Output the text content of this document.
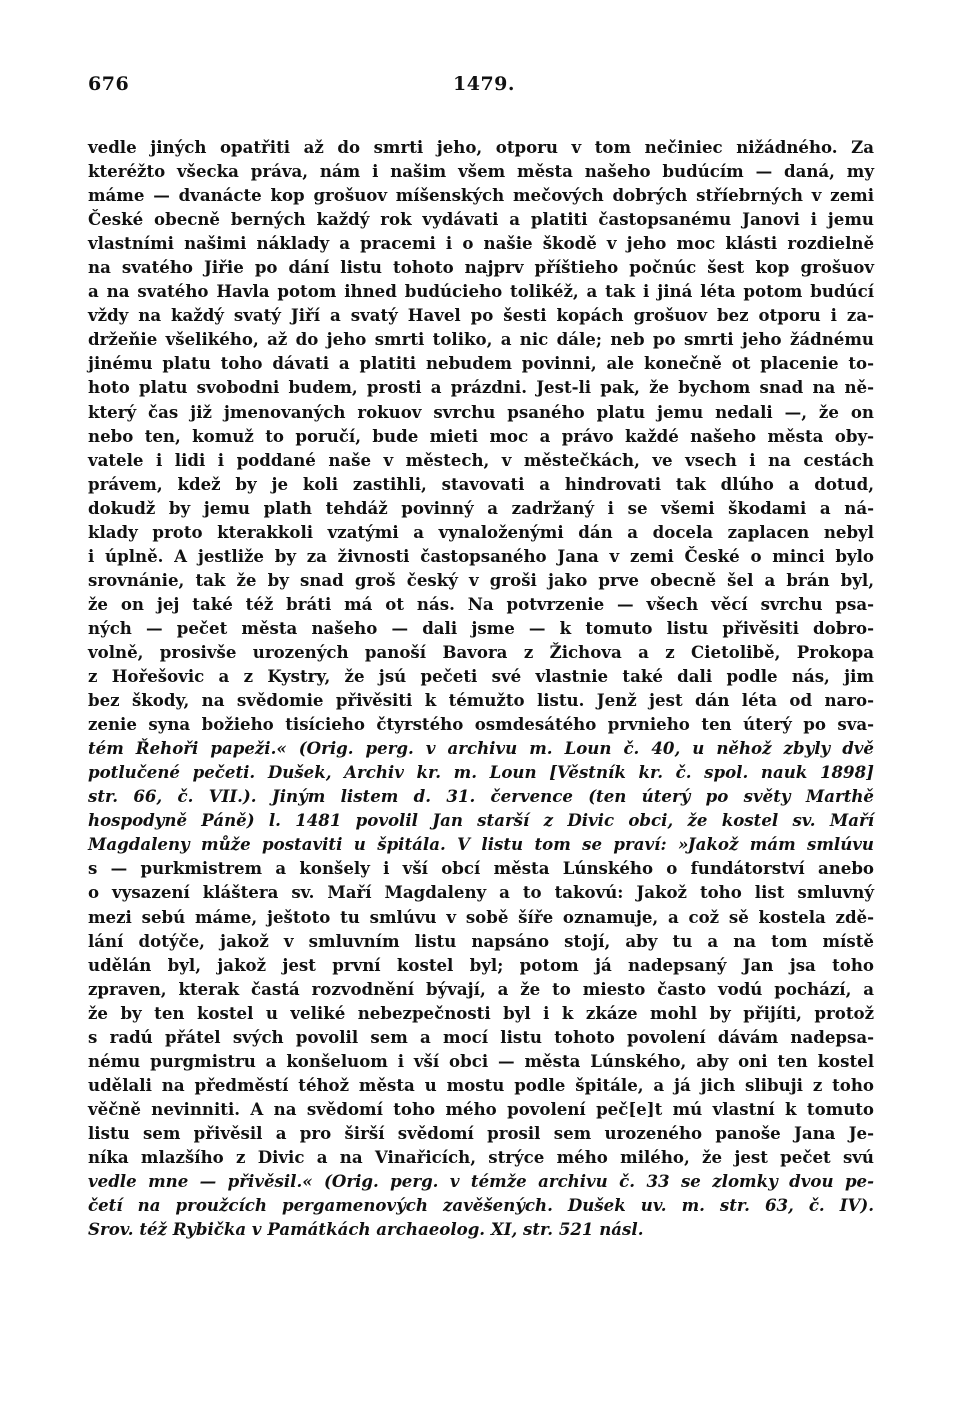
676	1479.
vedle jiných opatřiti až do smrti jeho, otporu v tom nečiniec nižádného. Za
kteréžto všecka práva, nám i našim všem města našeho budúcím — daná, my
máme — dvanácte kop grošuov míšenských mečových dobrých stříebrných v zemi
České obecně berných každý rok vydávati a platiti častopsanému Janovi i jemu
vlastními našimi náklady a pracemi i o našie škodě v jeho moc klásti rozdielně
na svatého Jiřie po dání listu tohoto najprv příštieho počnúc šest kop grošuov
a na svatého Havla potom ihned budúcieho tolikéž, a tak i jiná léta potom budúcí
vždy na každý svatý Jiří a svatý Havel po šesti kopách grošuov bez otporu i za-
držeňie všelikého, až do jeho smrti toliko, a nic dále; neb po smrti jeho žádnému
jinému platu toho dávati a platiti nebudem povinni, ale konečně ot placenie to-
hoto platu svobodni budem, prosti a prázdni. Jest-li pak, že bychom snad na ně-
který čas již jmenovaných rokuov svrchu psaného platu jemu nedali —, že on
nebo ten, komuž to poručí, bude mieti moc a právo každé našeho města oby-
vatele i lidi i poddané naše v městech, v městečkách, ve vsech i na cestách
právem, kdež by je koli zastihli, stavovati a hindrovati tak dlúho a dotud,
dokudž by jemu plath tehdáž povinný a zadržaný i se všemi škodami a ná-
klady proto kterakkoli vzatými a vynaloženými dán a docela zaplacen nebyl
i úplně. A jestliže by za živnosti častopsaného Jana v zemi České o minci bylo
srovnánie, tak že by snad groš český v groši jako prve obecně šel a brán byl,
že on jej také též bráti má ot nás. Na potvrzenie — všech věcí svrchu psa-
ných — pečet města našeho — dali jsme — k tomuto listu přivěsiti dobro-
volně, prosivše urozených panoší Bavora z Žichova a z Cietolibě, Prokopa
z Hořešovic a z Kystry, že jsú pečeti své vlastnie také dali podle nás, jim
bez škody, na svědomie přivěsiti k témužto listu. Jenž jest dán léta od naro-
zenie syna božieho tisícieho čtyrstého osmdesátého prvnieho ten úterý po sva-
tém Řehoři papeži.« (Orig. perg. v archivu m. Loun č. 40, u něhož zbyly dvě
potlučené pečeti. Dušek, Archiv kr. m. Loun [Věstník kr. č. spol. nauk 1898]
str. 66, č. VII.). Jiným listem d. 31. července (ten úterý po světy Marthě
hospodyně Páně) l. 1481 povolil Jan starší z Divic obci, že kostel sv. Maří
Magdaleny může postaviti u špitála. V listu tom se praví: »Jakož mám smlúvu
s — purkmistrem a konšely i vší obcí města Lúnského o fundátorství anebo
o vysazení kláštera sv. Maří Magdaleny a to takovú: Jakož toho list smluvný
mezi sebú máme, ještoto tu smlúvu v sobě šíře oznamuje, a což sě kostela zdě-
lání dotýče, jakož v smluvním listu napsáno stojí, aby tu a na tom místě
udělán byl, jakož jest první kostel byl; potom já nadepsaný Jan jsa toho
zpraven, kterak častá rozvodnění bývají, a že to miesto často vodú pochází, a
že by ten kostel u veliké nebezpečnosti byl i k zkáze mohl by přijíti, protož
s radú přátel svých povolil sem a mocí listu tohoto povolení dávám nadepsa-
nému purgmistru a konšeluom i vší obci — města Lúnského, aby oni ten kostel
udělali na předměstí téhož města u mostu podle špitále, a já jich slibuji z toho
věčně nevinniti. A na svědomí toho mého povolení peč[e]t mú vlastní k tomuto
listu sem přivěsil a pro širší svědomí prosil sem urozeného panoše Jana Je-
níka mlazšího z Divic a na Vinařicích, strýce mého milého, že jest pečet svú
vedle mne — přivěsil.« (Orig. perg. v témže archivu č. 33 se zlomky dvou pe-
četí na proužcích pergamenových zavěšených. Dušek uv. m. str. 63, č. IV).
Srov. též Rybička v Památkách archaeolog. XI, str. 521 násl.
